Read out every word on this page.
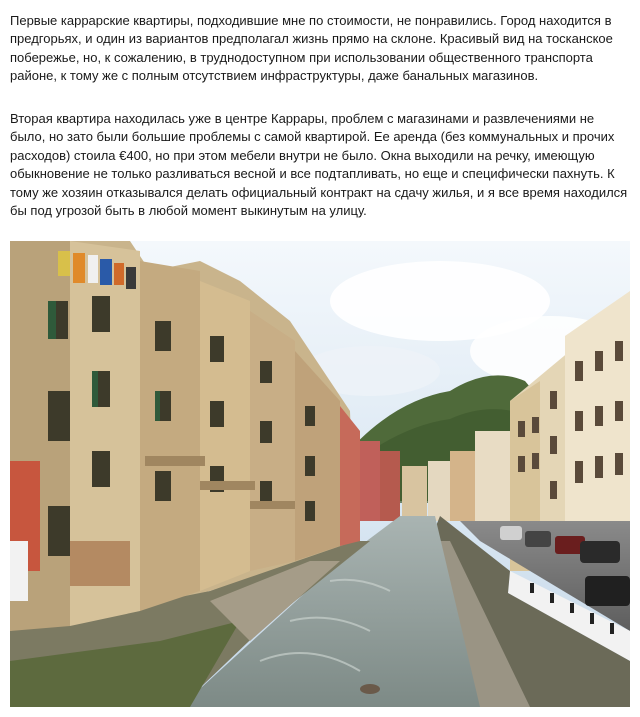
Первые каррарские квартиры, подходившие мне по стоимости, не понравились. Город находится в предгорьях, и один из вариантов предполагал жизнь прямо на склоне. Красивый вид на тосканское побережье, но, к сожалению, в труднодоступном при использовании общественного транспорта районе, к тому же с полным отсутствием инфраструктуры, даже банальных магазинов.

Вторая квартира находилась уже в центре Каррары, проблем с магазинами и развлечениями не было, но зато были большие проблемы с самой квартирой. Ее аренда (без коммунальных и прочих расходов) стоила €400, но при этом мебели внутри не было. Окна выходили на речку, имеющую обыкновение не только разливаться весной и все подтапливать, но еще и специфически пахнуть. К тому же хозяин отказывался делать официальный контракт на сдачу жилья, и я все время находился бы под угрозой быть в любой момент выкинутым на улицу.
